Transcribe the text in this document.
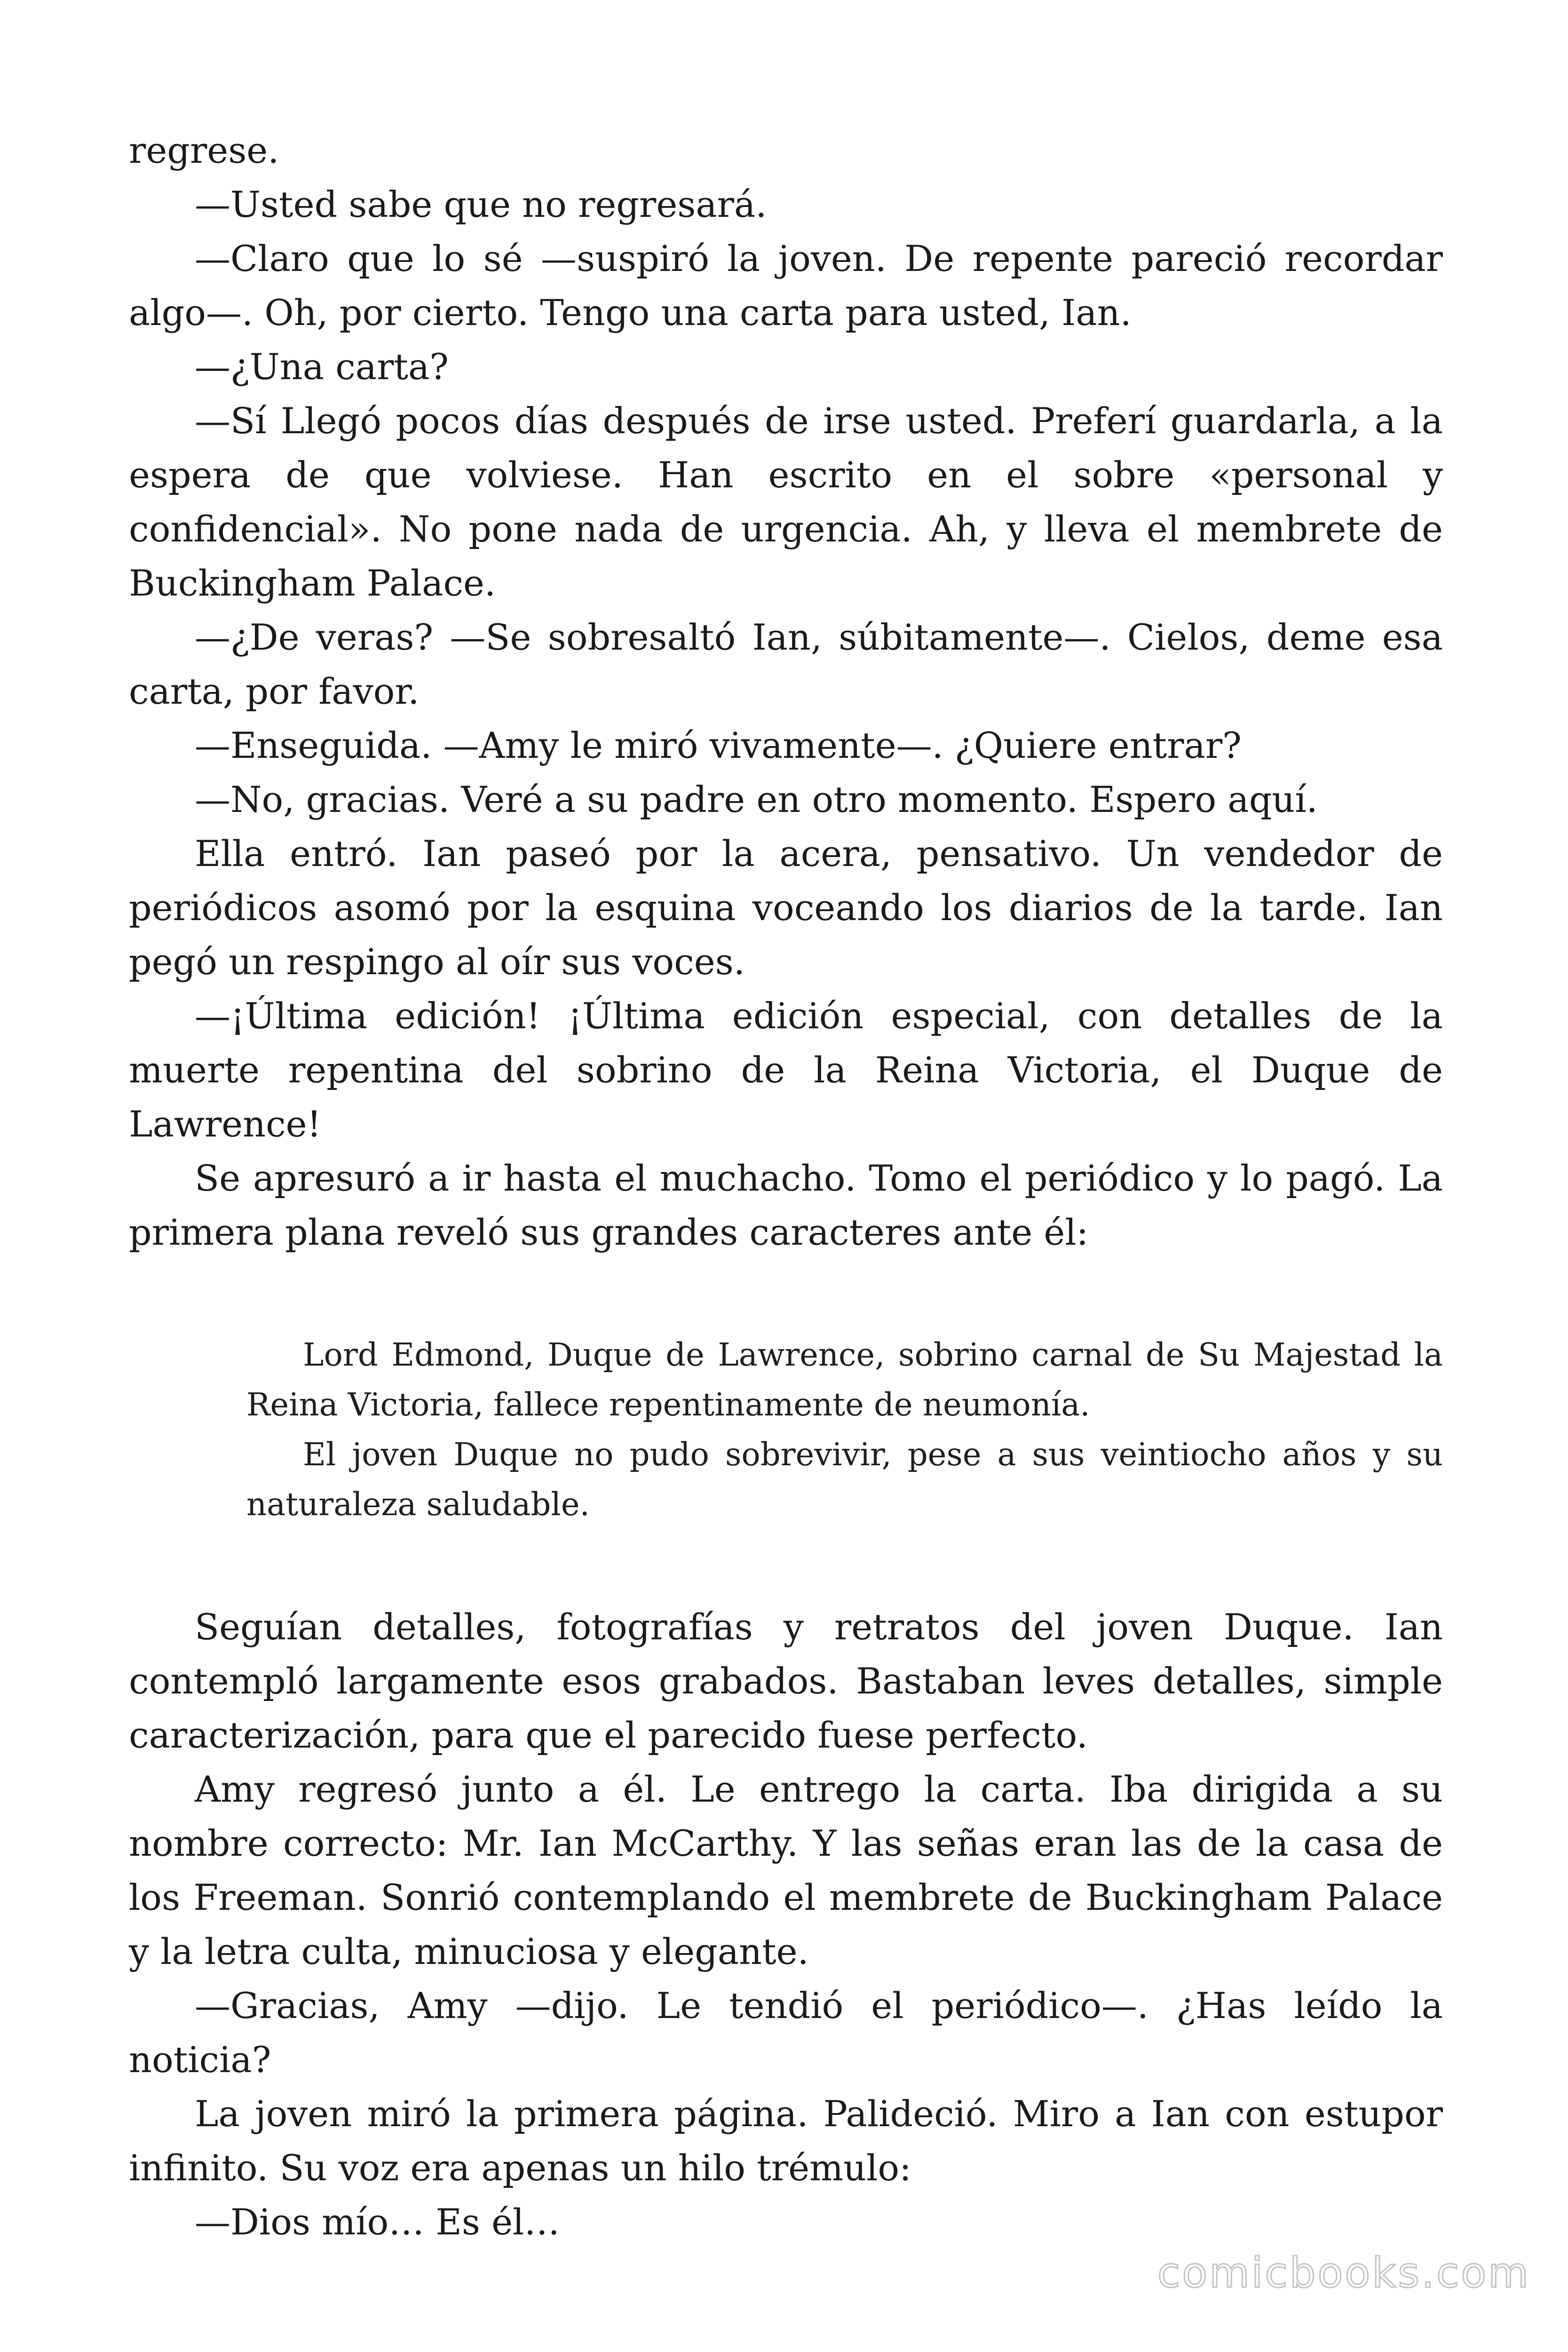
regrese.

—Usted sabe que no regresará.

—Claro que lo sé —suspiró la joven. De repente pareció recordar algo—. Oh, por cierto. Tengo una carta para usted, Ian.

—¿Una carta?

—Sí Llegó pocos días después de irse usted. Preferí guardarla, a la espera de que volviese. Han escrito en el sobre «personal y confidencial». No pone nada de urgencia. Ah, y lleva el membrete de Buckingham Palace.

—¿De veras? —Se sobresaltó Ian, súbitamente—. Cielos, deme esa carta, por favor.

—Enseguida. —Amy le miró vivamente—. ¿Quiere entrar?

—No, gracias. Veré a su padre en otro momento. Espero aquí.

Ella entró. Ian paseó por la acera, pensativo. Un vendedor de periódicos asomó por la esquina voceando los diarios de la tarde. Ian pegó un respingo al oír sus voces.

—¡Última edición! ¡Última edición especial, con detalles de la muerte repentina del sobrino de la Reina Victoria, el Duque de Lawrence!

Se apresuró a ir hasta el muchacho. Tomo el periódico y lo pagó. La primera plana reveló sus grandes caracteres ante él:

Lord Edmond, Duque de Lawrence, sobrino carnal de Su Majestad la Reina Victoria, fallece repentinamente de neumonía.

El joven Duque no pudo sobrevivir, pese a sus veintiocho años y su naturaleza saludable.

Seguían detalles, fotografías y retratos del joven Duque. Ian contempló largamente esos grabados. Bastaban leves detalles, simple caracterización, para que el parecido fuese perfecto.

Amy regresó junto a él. Le entrego la carta. Iba dirigida a su nombre correcto: Mr. Ian McCarthy. Y las señas eran las de la casa de los Freeman. Sonrió contemplando el membrete de Buckingham Palace y la letra culta, minuciosa y elegante.

—Gracias, Amy —dijo. Le tendió el periódico—. ¿Has leído la noticia?

La joven miró la primera página. Palideció. Miro a Ian con estupor infinito. Su voz era apenas un hilo trémulo:

—Dios mío… Es él…

comicbooks.com
